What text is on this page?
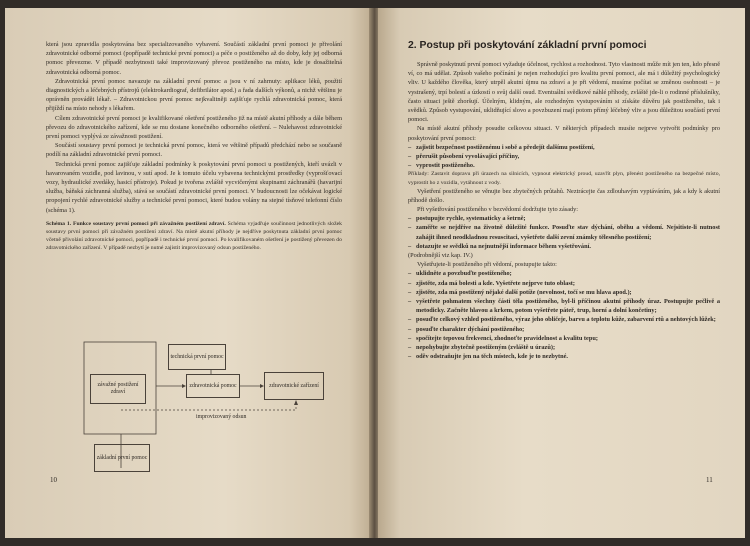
která jsou zpravidla poskytována bez specializovaného vybavení. Součástí základní první pomoci je přivolání zdravotnické odborné pomoci (popřípadě technické první pomoci) a péče o postiženého až do doby, kdy jej odborná pomoc převezme. V případě nezbytnosti také improvizovaný převoz postiženého na místo, kde je dosažitelná zdravotnická odborná pomoc.

Zdravotnická první pomoc navazuje na základní první pomoc a jsou v ní zahrnuty: aplikace léků, použití diagnostických a léčebných přístrojů (elektrokardiograf, defibrilátor apod.) a řada dalších výkonů, a nichž většinu je oprávněn provádět lékař. – Zdravotnickou první pomoc nejkvalitněji zajišťuje rychlá zdravotnická pomoc, která přijíždí na místo nehody s lékařem.

Cílem zdravotnické první pomoci je kvalifikované ošetření postiženého již na místě akutní příhody a dále během převozu do zdravotnického zařízení, kde se mu dostane konečného odborného ošetření. – Nulehavost zdravotnické první pomoci vyplývá ze závažnosti postižení.

Součástí soustavy první pomoci je technická první pomoc, která ve většině případů předchází nebo se současně podílí na základní zdravotnické první pomoci.

Technická první pomoc zajišťuje základní podmínky k poskytování první pomoci u postižených, kteří uvázli v havarovaném vozidle, pod lavinou, v sutí apod. Je k tomuto účelu vybavena technickými prostředky (vyprošťovací vozy, hydraulické zvedáky, hasicí přístroje). Pokud je tvořena zvláště vycvičenými skupinami záchranářů (havarijní služba, báňská záchranná služba), stává se součástí zdravotnické první pomoci. V budoucnosti lze očekávat logické propojení rychlé zdravotnické služby a technické první pomoci, které budou volány na stejné tísňové telefonní číslo (schéma 1).

Schéma 1. Funkce soustavy první pomoci při závažném postižení zdraví. Schéma vyjadřuje součinnost jednotlivých složek soustavy první pomoci při závažném postižení zdraví. Na místě akutní příhody je nejdříve poskytnuta základní první pomoc včetně přivolání zdravotnické pomoci, popřípadě i technické první pomoci. Po kvalifikovaném ošetření je postižený převezen do zdravotnického zařízení. V případě nezbytí je nutné zajistit improvizovaný odsun postiženého.

závažné postižení zdraví
technická první pomoc
zdravotnická pomoc	zdravotnické zařízení
improvizovaný odsun
základní první pomoc
10
2. Postup při poskytování základní první pomoci

Správně poskytnutí první pomoci vyžaduje účelnost, rychlost a rozhodnost. Tyto vlastnosti může mít jen ten, kdo přesně ví, co má udělat. Způsob vašeho počínání je nejen rozhodující pro kvalitu první pomoci, ale má i důležitý psychologický vliv. U každého člověka, který utrpěl akutní újmu na zdraví a je při vědomí, musíme počítat se změnou osobnosti – je vystrašený, trpí bolestí a úzkostí o svůj další osud. Eventuální svědkové náhlé příhody, zvláště jde-li o rodinné příslušníky, často situaci ještě zhoršují. Účelným, klidným, ale rozhodným vystupováním si získáte důvěru jak postiženého, tak i svědků. Způsob vystupování, uklidňující slovo a povzbuzení mají potom přímý léčebný vliv a jsou důležitou součástí první pomoci.

Na místě akutní příhody posudte celkovou situaci. V některých případech musíte nejprve vytvořit podmínky pro poskytování první pomoci:

– zajistit bezpečnost postiženému i sobě a předejít dalšímu postižení,
– přerušit působení vyvolávající příčiny,
– vyprostit postiženého.

Příklady: Zastavit dopravu při úrazech na silnicích, vypnout elektrický proud, uzavřít plyn, přenést postiženého na bezpečné místo, vyprostit ho z vozidla, vytáhnout z vody.

Vyšetření postiženého se věnujte bez zbytečných průtahů. Neztrácejte čas zdlouhavým vyptáváním, jak a kdy k akutní příhodě došlo.

Při vyšetřování postiženého v bezvědomí dodržujte tyto zásady:

– postupujte rychle, systematicky a šetrně;
– zaměřte se nejdříve na životně důležité funkce. Posuďte stav dýchání, oběhu a vědomí. Nejsitiste-li nutnost zahájit ihned neodkladnou resuscitaci, vyšetřete další zevní známky tělesného postižení;
– dotazujte se svědků na nejnutnější informace během vyšetřování.

(Podrobnější viz kap. IV.)

Vyšetřujete-li postiženého při vědomí, postupujte takto:

– uklidněte a povzbuďte postiženého;
– zjistěte, zda má bolesti a kde. Vyšetřete nejprve tuto oblast;
– zjistěte, zda má postižený nějaké další potíže (nevolnost, točí se mu hlava apod.);
– vyšetřete pohmatem všechny části těla postiženého, byl-li příčinou akutní příhody úraz. Postupujte pečlivě a metodicky. Začněte hlavou a krkem, potom vyšetřete páteř, trup, horní a dolní končetiny;
– posuďte celkový vzhled postiženého, výraz jeho obličeje, barvu a teplotu kůže, zabarvení rtů a nehtových lůžek;
– posuďte charakter dýchání postiženého;
– spočítejte tepovou frekvenci, zhodnoťte pravidelnost a kvalitu tepu;
– nepohybujte zbytečně postiženým (zvláště u úrazů);
– oděv odstraňujte jen na těch místech, kde je to nezbytné.
11
